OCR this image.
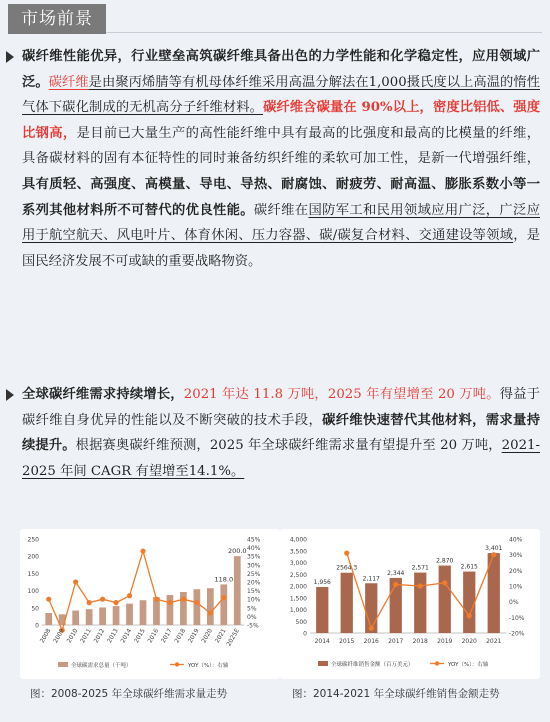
市场前景
碳纤维性能优异，行业壁垒高筑碳纤维具备出色的力学性能和化学稳定性，应用领域广泛。碳纤维是由聚丙烯腈等有机母体纤维采用高温分解法在1,000摄氏度以上高温的惰性气体下碳化制成的无机高分子纤维材料。碳纤维含碳量在 90%以上，密度比铝低、强度比钢高，是目前已大量生产的高性能纤维中具有最高的比强度和最高的比模量的纤维，具备碳材料的固有本征特性的同时兼备纺织纤维的柔软可加工性，是新一代增强纤维，具有质轻、高强度、高模量、导电、导热、耐腐蚀、耐疲劳、耐高温、膨胀系数小等一系列其他材料所不可替代的优良性能。碳纤维在国防军工和民用领域应用广泛，广泛应用于航空航天、风电叶片、体育休闲、压力容器、碳/碳复合材料、交通建设等领域，是国民经济发展不可或缺的重要战略物资。
全球碳纤维需求持续增长，2021 年达 11.8 万吨，2025 年有望增至 20 万吨。得益于碳纤维自身优异的性能以及不断突破的技术手段，碳纤维快速替代其他材料，需求量持续提升。根据赛奥碳纤维预测，2025 年全球碳纤维需求量有望提升至 20 万吨，2021-2025 年间 CAGR 有望增至14.1%。
0
50
100
150
200
250
-5%
0%
5%
10%
15%
20%
25%
30%
35%
40%
45%
118.0
200.0
2008 2009 2010 2011 2012 2013 2014 2015 2016 2017 2018 2019 2020 2021
2025E
全球碳需求总量（千吨）	YOY（%）：右轴
0
500
1,000
1,500
2,000
2,500
3,000
3,500
4,000
-20%
-10%
0%
10%
20%
30%
40%
1,956
2564.3
2,117
2,344
2,571
2,870
2,615
3,401
2014 2015 2016 2017 2018 2019 2020 2021
全球碳纤维销售金额（百万美元）	YOY（%）：右轴
图：2008-2025 年全球碳纤维需求量走势	图：2014-2021 年全球碳纤维销售金额走势
